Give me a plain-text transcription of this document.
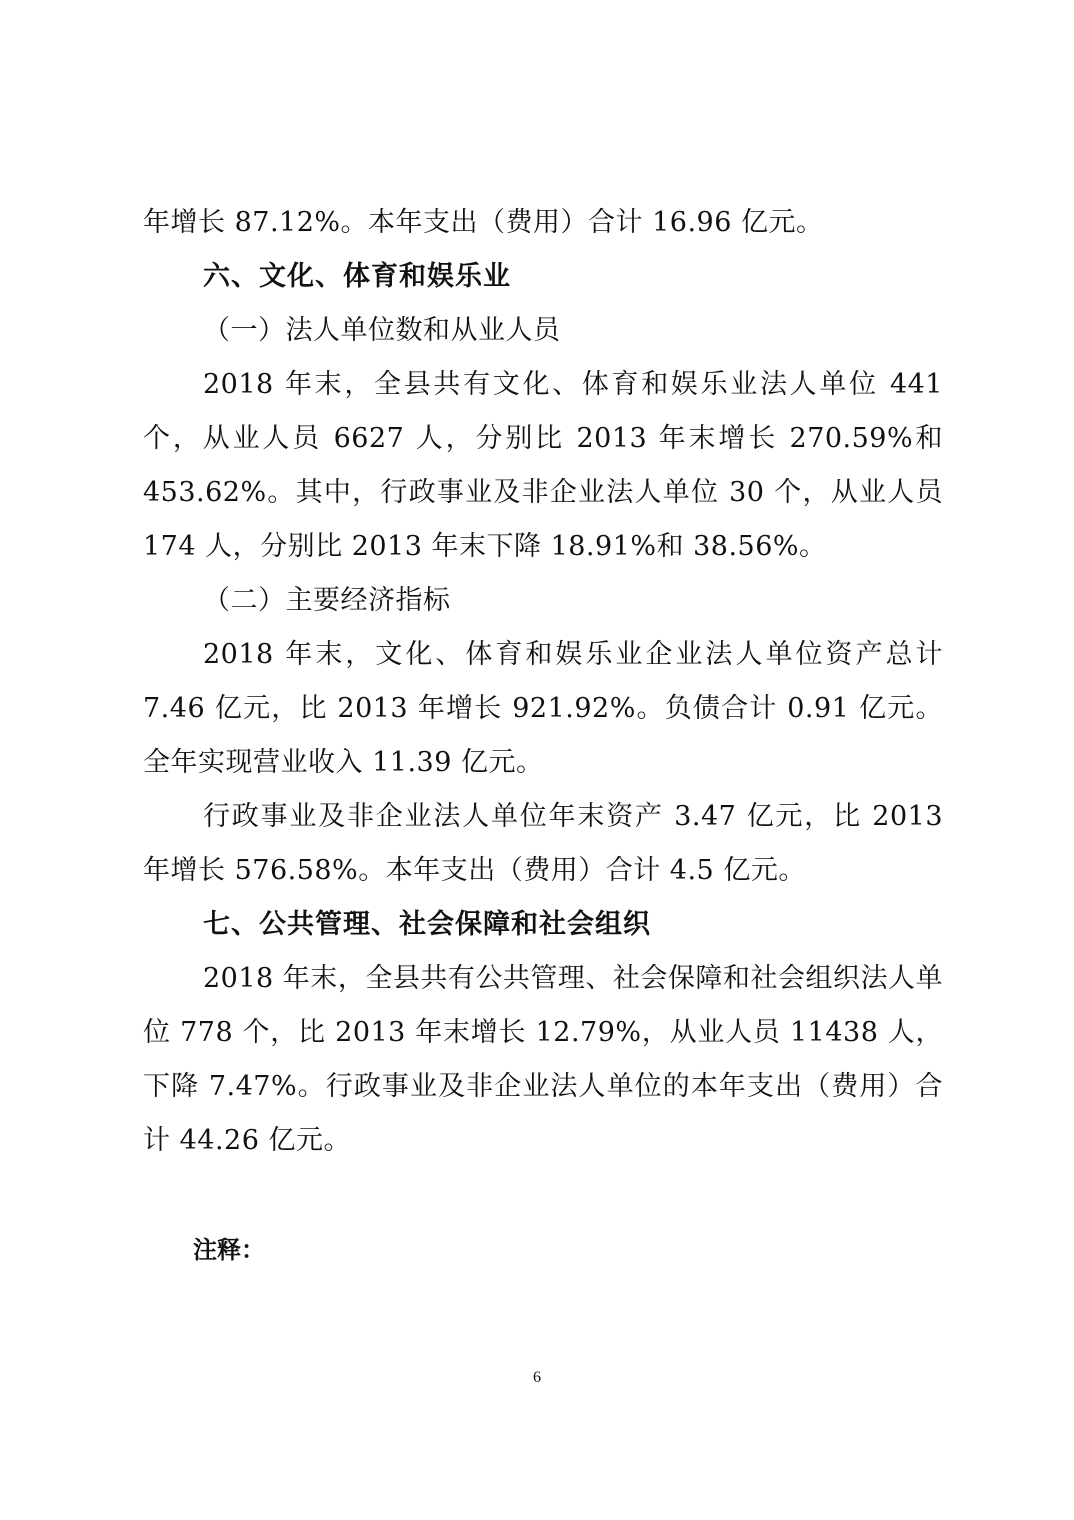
年增长 87.12%。本年支出（费用）合计 16.96 亿元。

六、文化、体育和娱乐业

（一）法人单位数和从业人员

2018 年末，全县共有文化、体育和娱乐业法人单位 441 个，从业人员 6627 人，分别比 2013 年末增长 270.59%和 453.62%。其中，行政事业及非企业法人单位 30 个，从业人员 174 人，分别比 2013 年末下降 18.91%和 38.56%。

（二）主要经济指标

2018 年末，文化、体育和娱乐业企业法人单位资产总计 7.46 亿元，比 2013 年增长 921.92%。负债合计 0.91 亿元。全年实现营业收入 11.39 亿元。

行政事业及非企业法人单位年末资产 3.47 亿元，比 2013 年增长 576.58%。本年支出（费用）合计 4.5 亿元。

七、公共管理、社会保障和社会组织

2018 年末，全县共有公共管理、社会保障和社会组织法人单位 778 个，比 2013 年末增长 12.79%，从业人员 11438 人，下降 7.47%。行政事业及非企业法人单位的本年支出（费用）合计 44.26 亿元。

注释：

6
